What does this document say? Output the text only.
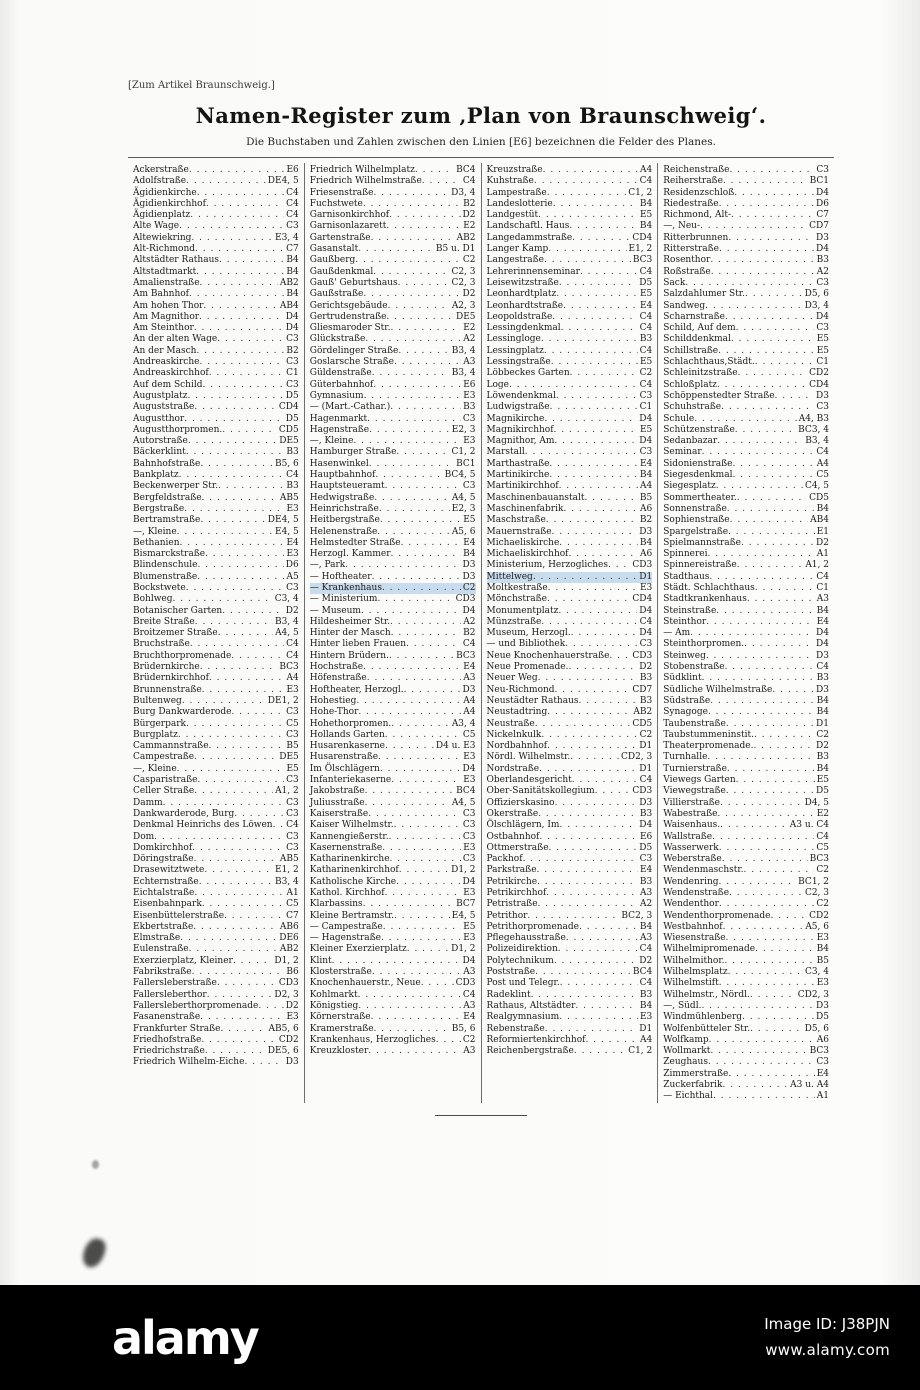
[Zum Artikel Braunschweig.]
Namen-Register zum ‚Plan von Braunschweig‘.
Die Buchstaben und Zahlen zwischen den Linien [E6] bezeichnen die Felder des Planes.
Ackerstraße . . .	E6
Adolfstraße . . .	DE4, 5
Ägidienkirche . . .	C4
Ägidienkirchhof . . .	C4
Ägidienplatz . . .	C4
Alte Wage . . .	C3
Altewiekring . . .	E3, 4
Alt-Richmond . . .	C7
Altstädter Rathaus . . .	B4
Altstadtmarkt . . .	B4
Amalienstraße . . .	AB2
Am Bahnhof . . .	B4
Am hohen Thor . . .	AB4
Am Magnithor . . .	D4
Am Steinthor . . .	D4
An der alten Wage . . .	C3
An der Masch . . .	B2
Andreaskirche . . .	C3
Andreaskirchhof . . .	C1
Auf dem Schild . . .	C3
Augustplatz . . .	D5
Auguststraße . . .	CD4
Augustthor . . .	D5
Augustthorpromen. . . .	CD5
Autorstraße . . .	DE5
Bäckerklint . . .	B3
Bahnhofstraße . . .	B5, 6
Bankplatz . . .	C4
Beckenwerper Str. . . .	B3
Bergfeldstraße . . .	AB5
Bergstraße . . .	E3
Bertramstraße . . .	DE4, 5
—, Kleine . . .	E4, 5
Bethanien . . .	E4
Bismarckstraße . . .	E3
Blindenschule . . .	D6
Blumenstraße . . .	A5
Bockstwete . . .	C3
Bohlweg . . .	C3, 4
Botanischer Garten . . .	D2
Breite Straße . . .	B3, 4
Broitzemer Straße . . .	A4, 5
Bruchstraße . . .	C4
Bruchthorpromenade . . .	C4
Brüdernkirche . . .	BC3
Brüdernkirchhof . . .	A4
Brunnenstraße . . .	E3
Bultenweg . . .	DE1, 2
Burg Dankwarderode . . .	C3
Bürgerpark . . .	C5
Burgplatz . . .	C3
Cammannstraße . . .	B5
Campestraße . . .	DE5
—, Kleine . . .	E5
Casparistraße . . .	C3
Celler Straße . . .	A1, 2
Damm . . .	C3
Dankwarderode, Burg . . .	C3
Denkmal Heinrichs des Löwen . . . C4
Dom . . .	C3
Domkirchhof . . .	C3
Döringstraße . . .	AB5
Drasewitztwete . . .	E1, 2
Echternstraße . . .	B3, 4
Eichtalstraße . . .	A1
Eisenbahnpark . . .	C5
Eisenbüttelerstraße . . .	C7
Ekbertstraße . . .	AB6
Elmstraße . . .	DE6
Eulenstraße . . .	AB2
Exerzierplatz, Kleiner . . .	D1, 2
Fabrikstraße . . .	B6
Fallersleberstraße . . .	CD3
Fallersleberthor . . .	D2, 3
Fallersleberthorpromenade . . .	D2
Fasanenstraße . . .	E3
Frankfurter Straße . . .	AB5, 6
Friedhofstraße . . .	CD2
Friedrichstraße . . .	DE5, 6
Friedrich Wilhelm-Eiche . . .	D3
Friedrich Wilhelmplatz . . .	BC4
Friedrich Wilhelmstraße . . .	C4
Friesenstraße . . .	D3, 4
Fuchstwete . . .	B2
Garnisonkirchhof . . .	D2
Garnisonlazarett . . .	E2
Gartenstraße . . .	AB2
Gasanstalt . . .	B5 u. D1
Gaußberg . . .	C2
Gaußdenkmal . . .	C2, 3
Gauß' Geburtshaus . . .	C2, 3
Gaußstraße . . .	D2
Gerichtsgebäude . . .	A2, 3
Gertrudenstraße . . .	DE5
Gliesmaroder Str. . . .	E2
Glückstraße . . .	A2
Gördelinger Straße . . .	B3, 4
Goslarsche Straße . . .	A3
Güldenstraße . . .	B3, 4
Güterbahnhof . . .	E6
Gymnasium . . .	E3
— (Mart.-Cathar.) . . .	B3
Hagenmarkt . . .	C3
Hagenstraße . . .	E2, 3
—, Kleine . . .	E3
Hamburger Straße . . .	C1, 2
Hasenwinkel . . .	BC1
Hauptbahnhof . . .	BC4, 5
Hauptsteueramt . . .	C3
Hedwigstraße . . .	A4, 5
Heinrichstraße . . .	E2, 3
Heitbergstraße . . .	E5
Helenenstraße . . .	A5, 6
Helmstedter Straße . . .	E4
Herzogl. Kammer . . .	B4
—, Park . . .	D3
— Hoftheater . . .	D3
— Krankenhaus . . .	C2
— Ministerium . . .	CD3
— Museum . . .	D4
Hildesheimer Str. . . .	A2
Hinter der Masch . . .	B2
Hinter lieben Frauen . . .	C4
Hintern Brüdern. . . .	BC3
Hochstraße . . .	E4
Höfenstraße . . .	A3
Hoftheater, Herzogl. . . .	D3
Hohestieg . . .	A4
Hohe-Thor . . .	A4
Hohethorpromen. . . .	A3, 4
Hollands Garten . . .	C5
Husarenkaserne . . .	D4 u. E3
Husarenstraße . . .	E3
Im Ölschlägern . . .	D4
Infanteriekaserne . . .	E3
Jakobstraße . . .	BC4
Juliusstraße . . .	A4, 5
Kaiserstraße . . .	C3
Kaiser Wilhelmstr. . . .	C3
Kannengießerstr. . . .	C3
Kasernenstraße . . .	E3
Katharinenkirche . . .	C3
Katharinenkirchhof . . .	D1, 2
Katholische Kirche . . .	D4
Kathol. Kirchhof . . .	E3
Klarbassins . . .	BC7
Kleine Bertramstr. . . .	E4, 5
— Campestraße . . .	E5
— Hagenstraße . . .	E3
Kleiner Exerzierplatz . . .	D1, 2
Klint . . .	D4
Klosterstraße . . .	A3
Knochenhauerstr., Neue . . .	CD3
Kohlmarkt . . .	C4
Königstieg . . .	A3
Körnerstraße . . .	E4
Kramerstraße . . .	B5, 6
Krankenhaus, Herzogliches . . .	C2
Kreuzkloster . . .	A3
Kreuzstraße . . .	A4
Kuhstraße . . .	C4
Lampestraße . . .	C1, 2
Landeslotterie . . .	B4
Landgestüt . . .	E5
Landschaftl. Haus . . .	B4
Langedammstraße . . .	CD4
Langer Kamp . . .	E1, 2
Langestraße . . .	BC3
Lehrerinnenseminar . . .	C4
Leisewitzstraße . . .	D5
Leonhardtplatz . . .	E5
Leonhardtstraße . . .	E4
Leopoldstraße . . .	C4
Lessingdenkmal . . .	C4
Lessingloge . . .	B3
Lessingplatz . . .	C4
Lessingstraße . . .	E5
Löbbeckes Garten . . .	C2
Loge . . .	C4
Löwendenkmal . . .	C3
Ludwigstraße . . .	C1
Magnikirche . . .	D4
Magnikirchhof . . .	E5
Magnithor, Am . . .	D4
Marstall . . .	C3
Marthastraße . . .	E4
Martinikirche . . .	B4
Martinikirchhof . . .	A4
Maschinenbauanstalt . . .	B5
Maschinenfabrik . . .	A6
Maschstraße . . .	B2
Mauernstraße . . .	D3
Michaeliskirche . . .	B4
Michaeliskirchhof . . .	A6
Ministerium, Herzogliches . . .	CD3
Mittelweg . . .	D1
Moltkestraße . . .	E3
Mönchstraße . . .	CD4
Monumentplatz . . .	D4
Münzstraße . . .	C4
Museum, Herzogl. . . .	D4
— und Bibliothek . . .	C3
Neue Knochenhauerstraße . . .	CD3
Neue Promenade. . . .	D2
Neuer Weg . . .	B3
Neu-Richmond . . .	CD7
Neustädter Rathaus . . .	B3
Neustadtring . . .	AB2
Neustraße . . .	CD5
Nickelnkulk . . .	C2
Nordbahnhof . . .	D1
Nördl. Wilhelmstr. . . .	CD2, 3
Nordstraße . . .	D1
Oberlandesgericht . . .	C4
Ober-Sanitätskollegium . . .	CD3
Offizierskasino . . .	D3
Okerstraße . . .	B3
Ölschlägern, Im . . .	D4
Ostbahnhof . . .	E6
Ottmerstraße . . .	D5
Packhof . . .	C3
Parkstraße . . .	E4
Petrikirche . . .	B3
Petrikirchhof . . .	A3
Petristraße . . .	A2
Petrithor . . .	BC2, 3
Petrithorpromenade . . .	B4
Pflegehausstraße . . .	A3
Polizeidirektion . . .	C4
Polytechnikum . . .	D2
Poststraße . . .	BC4
Post und Telegr. . . .	C4
Radeklint . . .	B3
Rathaus, Altstädter . . .	B4
Realgymnasium . . .	E3
Rebenstraße . . .	D1
Reformiertenkirchhof . . .	A4
Reichenbergstraße . . .	C1, 2
Reichenstraße . . .	C3
Reiherstraße . . .	BC1
Residenzschloß . . .	D4
Riedestraße . . .	D6
Richmond, Alt- . . .	C7
—, Neu- . . .	CD7
Ritterbrunnen . . .	D3
Ritterstraße . . .	D4
Rosenthor . . .	B3
Roßstraße . . .	A2
Sack . . .	C3
Salzdahlumer Str. . . .	D5, 6
Sandweg . . .	D3, 4
Scharnstraße . . .	D4
Schild, Auf dem . . .	C3
Schilddenkmal . . .	E5
Schillstraße . . .	E5
Schlachthaus,Städt. . . .	C1
Schleinitzstraße . . .	CD2
Schloßplatz . . .	CD4
Schöppenstedter Straße . . .	D3
Schuhstraße . . .	C3
Schule . . .	A4, B3
Schützenstraße . . .	BC3, 4
Sedanbazar . . .	B3, 4
Seminar . . .	C4
Sidonienstraße . . .	A4
Siegesdenkmal . . .	C5
Siegesplatz . . .	C4, 5
Sommertheater. . . .	CD5
Sonnenstraße . . .	B4
Sophienstraße . . .	AB4
Spargelstraße . . .	E1
Spielmannstraße . . .	D2
Spinnerei . . .	A1
Spinnereistraße . . .	A1, 2
Stadthaus . . .	C4
Städt. Schlachthaus . . .	C1
Stadtkrankenhaus . . .	A3
Steinstraße . . .	B4
Steinthor . . .	E4
— Am . . .	D4
Steinthorpromen. . . .	D4
Steinweg . . .	D3
Stobenstraße . . .	C4
Südklint . . .	B3
Südliche Wilhelmstraße . . .	D3
Südstraße . . .	B4
Synagoge . . .	B4
Taubenstraße . . .	D1
Taubstummeninstit. . . .	C2
Theaterpromenade. . . .	D2
Turnhalle . . .	B3
Turnierstraße . . .	B4
Viewegs Garten . . .	E5
Viewegstraße . . .	D5
Villierstraße . . .	D4, 5
Wabestraße . . .	E2
Waisenhaus. . . .	A3 u. C4
Wallstraße . . .	C4
Wasserwerk . . .	C5
Weberstraße . . .	BC3
Wendenmaschstr. . . .	C2
Wendenring . . .	BC1, 2
Wendenstraße . . .	C2, 3
Wendenthor . . .	C2
Wendenthorpromenade . . .	CD2
Westbahnhof . . .	A5, 6
Wiesenstraße . . .	E3
Wilhelmipromenade . . .	B4
Wilhelmithor. . . .	B5
Wilhelmsplatz . . .	C3, 4
Wilhelmstift . . .	E3
Wilhelmstr., Nördl. . . .	CD2, 3
—, Südl. . . .	D3
Windmühlenberg . . .	D5
Wolfenbütteler Str. . . .	D5, 6
Wolfkamp . . .	A6
Wollmarkt . . .	BC3
Zeughaus . . .	C3
Zimmerstraße . . .	E4
Zuckerfabrik . . .	A3 u. A4
— Eichthal . . .	A1
alamy	Image ID: J38PJN
www.alamy.com
